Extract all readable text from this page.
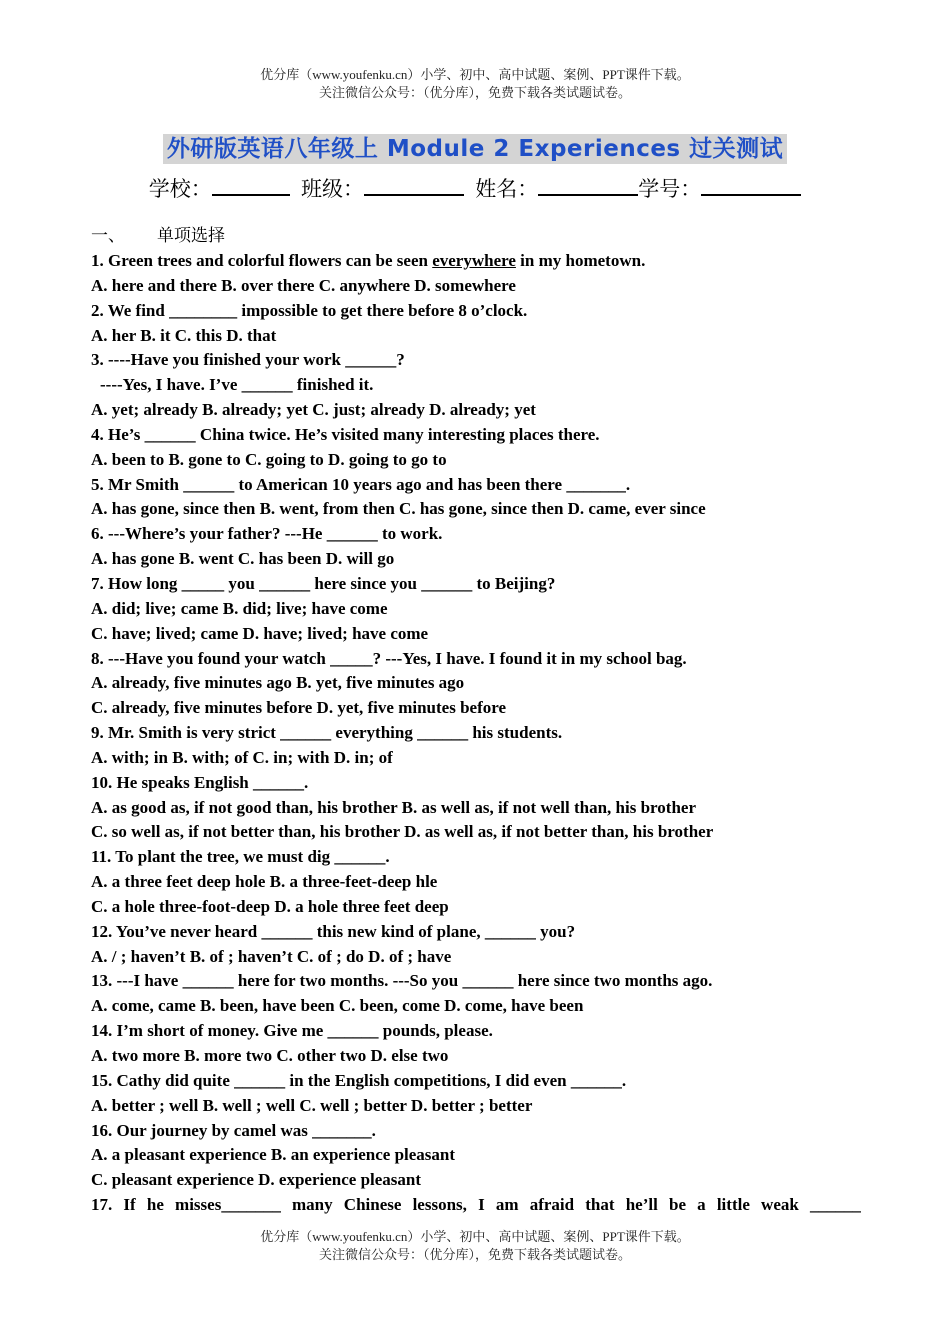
优分库（www.youfenku.cn）小学、初中、高中试题、案例、PPT课件下载。
关注微信公众号：（优分库），免费下载各类试题试卷。
外研版英语八年级上 Module 2 Experiences 过关测试
学校：	班级：	姓名：	学号：
一、 单项选择
1. Green trees and colorful flowers can be seen everywhere in my hometown.
A. here and there B. over there C. anywhere D. somewhere
2. We find ________ impossible to get there before 8 o’clock.
A. her B. it C. this D. that
3. ----Have you finished your work ______?
----Yes, I have. I’ve ______ finished it.
A. yet; already B. already; yet C. just; already D. already; yet
4. He’s ______ China twice. He’s visited many interesting places there.
A. been to B. gone to C. going to D. going to go to
5. Mr Smith ______ to American 10 years ago and has been there _______.
A. has gone, since then B. went, from then C. has gone, since then D. came, ever since
6. ---Where’s your father? ---He ______ to work.
A. has gone B. went C. has been D. will go
7. How long _____ you ______ here since you ______ to Beijing?
A. did; live; came B. did; live; have come
C. have; lived; came D. have; lived; have come
8. ---Have you found your watch _____? ---Yes, I have. I found it in my school bag.
A. already, five minutes ago B. yet, five minutes ago
C. already, five minutes before D. yet, five minutes before
9. Mr. Smith is very strict ______ everything ______ his students.
A. with; in B. with; of C. in; with D. in; of
10. He speaks English ______.
A. as good as, if not good than, his brother B. as well as, if not well than, his brother
C. so well as, if not better than, his brother D. as well as, if not better than, his brother
11. To plant the tree, we must dig ______.
A. a three feet deep hole B. a three-feet-deep hle
C. a hole three-foot-deep D. a hole three feet deep
12. You’ve never heard ______ this new kind of plane, ______ you?
A. / ; haven’t B. of ; haven’t C. of ; do D. of ; have
13. ---I have ______ here for two months. ---So you ______ here since two months ago.
A. come, came B. been, have been C. been, come D. come, have been
14. I’m short of money. Give me ______ pounds, please.
A. two more B. more two C. other two D. else two
15. Cathy did quite ______ in the English competitions, I did even ______.
A. better ; well B. well ; well C. well ; better D. better ; better
16. Our journey by camel was _______.
A. a pleasant experience B. an experience pleasant
C. pleasant experience D. experience pleasant
17. If he misses_______ many Chinese lessons, I am afraid that he’ll be a little weak ______
优分库（www.youfenku.cn）小学、初中、高中试题、案例、PPT课件下载。
关注微信公众号：（优分库），免费下载各类试题试卷。
